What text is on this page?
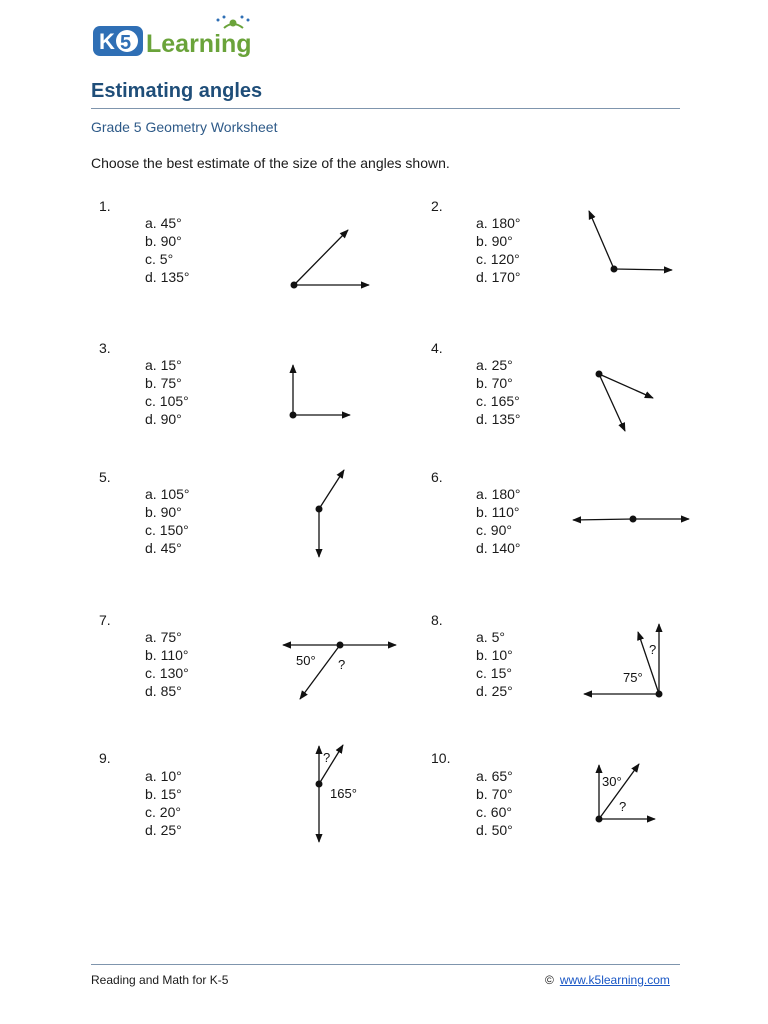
K 5 Learning
Estimating angles
Grade 5 Geometry Worksheet
Choose the best estimate of the size of the angles shown.
1.
a. 45°
b. 90°
c. 5°
d. 135°
2.
a. 180°
b. 90°
c. 120°
d. 170°
3.
a. 15°
b. 75°
c. 105°
d. 90°
4.
a. 25°
b. 70°
c. 165°
d. 135°
5.
a. 105°
b. 90°
c. 150°
d. 45°
6.
a. 180°
b. 110°
c. 90°
d. 140°
7.
a. 75°
b. 110°
c. 130°
d. 85°
50° ?
8.
a. 5°
b. 10°
c. 15°
d. 25°
?
75°
9.
a. 10°
b. 15°
c. 20°
d. 25°
?
165°
10.
a. 65°
b. 70°
c. 60°
d. 50°
30°
?
Reading and Math for K-5	© www.k5learning.com
